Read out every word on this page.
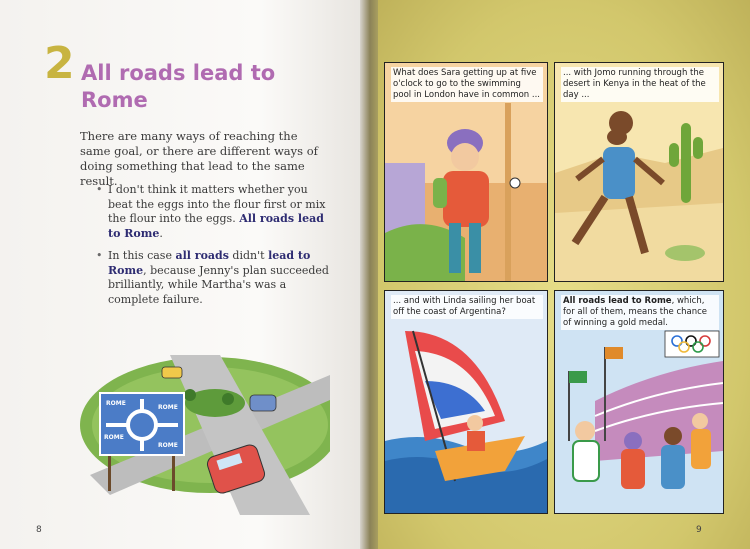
2 All roads lead to Rome
There are many ways of reaching the same goal, or there are different ways of doing something that lead to the same result.
• I don't think it matters whether you beat the eggs into the flour first or mix the flour into the eggs. All roads lead to Rome.
• In this case all roads didn't lead to Rome, because Jenny's plan succeeded brilliantly, while Martha's was a complete failure.
ROME
ROME
ROME
ROME
8
What does Sara getting up at five o'clock to go to the swimming pool in London have in common ...
... with Jomo running through the desert in Kenya in the heat of the day ...
... and with Linda sailing her boat off the coast of Argentina?
All roads lead to Rome, which, for all of them, means the chance of winning a gold medal.
9
